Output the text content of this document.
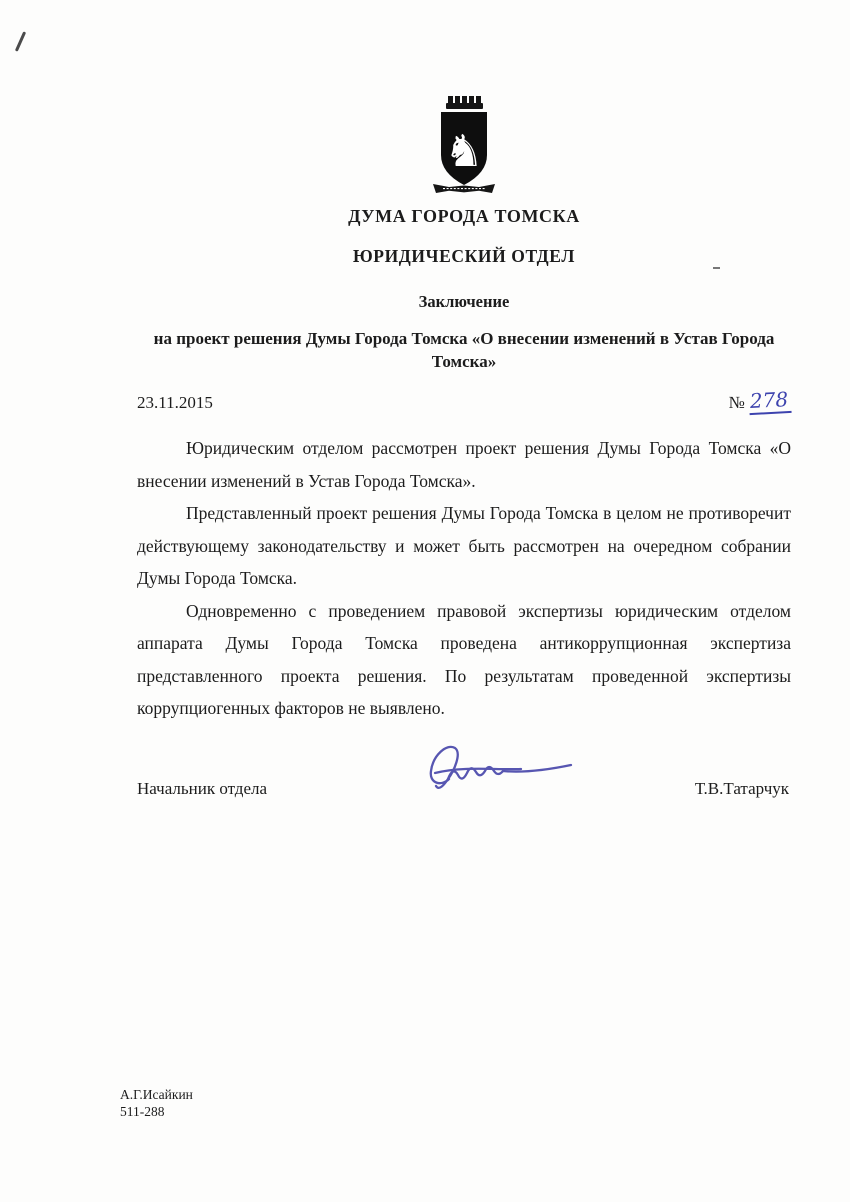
♞
ДУМА ГОРОДА ТОМСКА
ЮРИДИЧЕСКИЙ ОТДЕЛ
Заключение
на проект решения Думы Города Томска «О внесении изменений в Устав Города Томска»
23.11.2015	№ 278

Юридическим отделом рассмотрен проект решения Думы Города Томска «О внесении изменений в Устав Города Томска».

Представленный проект решения Думы Города Томска в целом не противоречит действующему законодательству и может быть рассмотрен на очередном собрании Думы Города Томска.

Одновременно с проведением правовой экспертизы юридическим отделом аппарата Думы Города Томска проведена антикоррупционная экспертиза представленного проекта решения. По результатам проведенной экспертизы коррупциогенных факторов не выявлено.

Начальник отдела	Т.В.Татарчук
А.Г.Исайкин
511-288
